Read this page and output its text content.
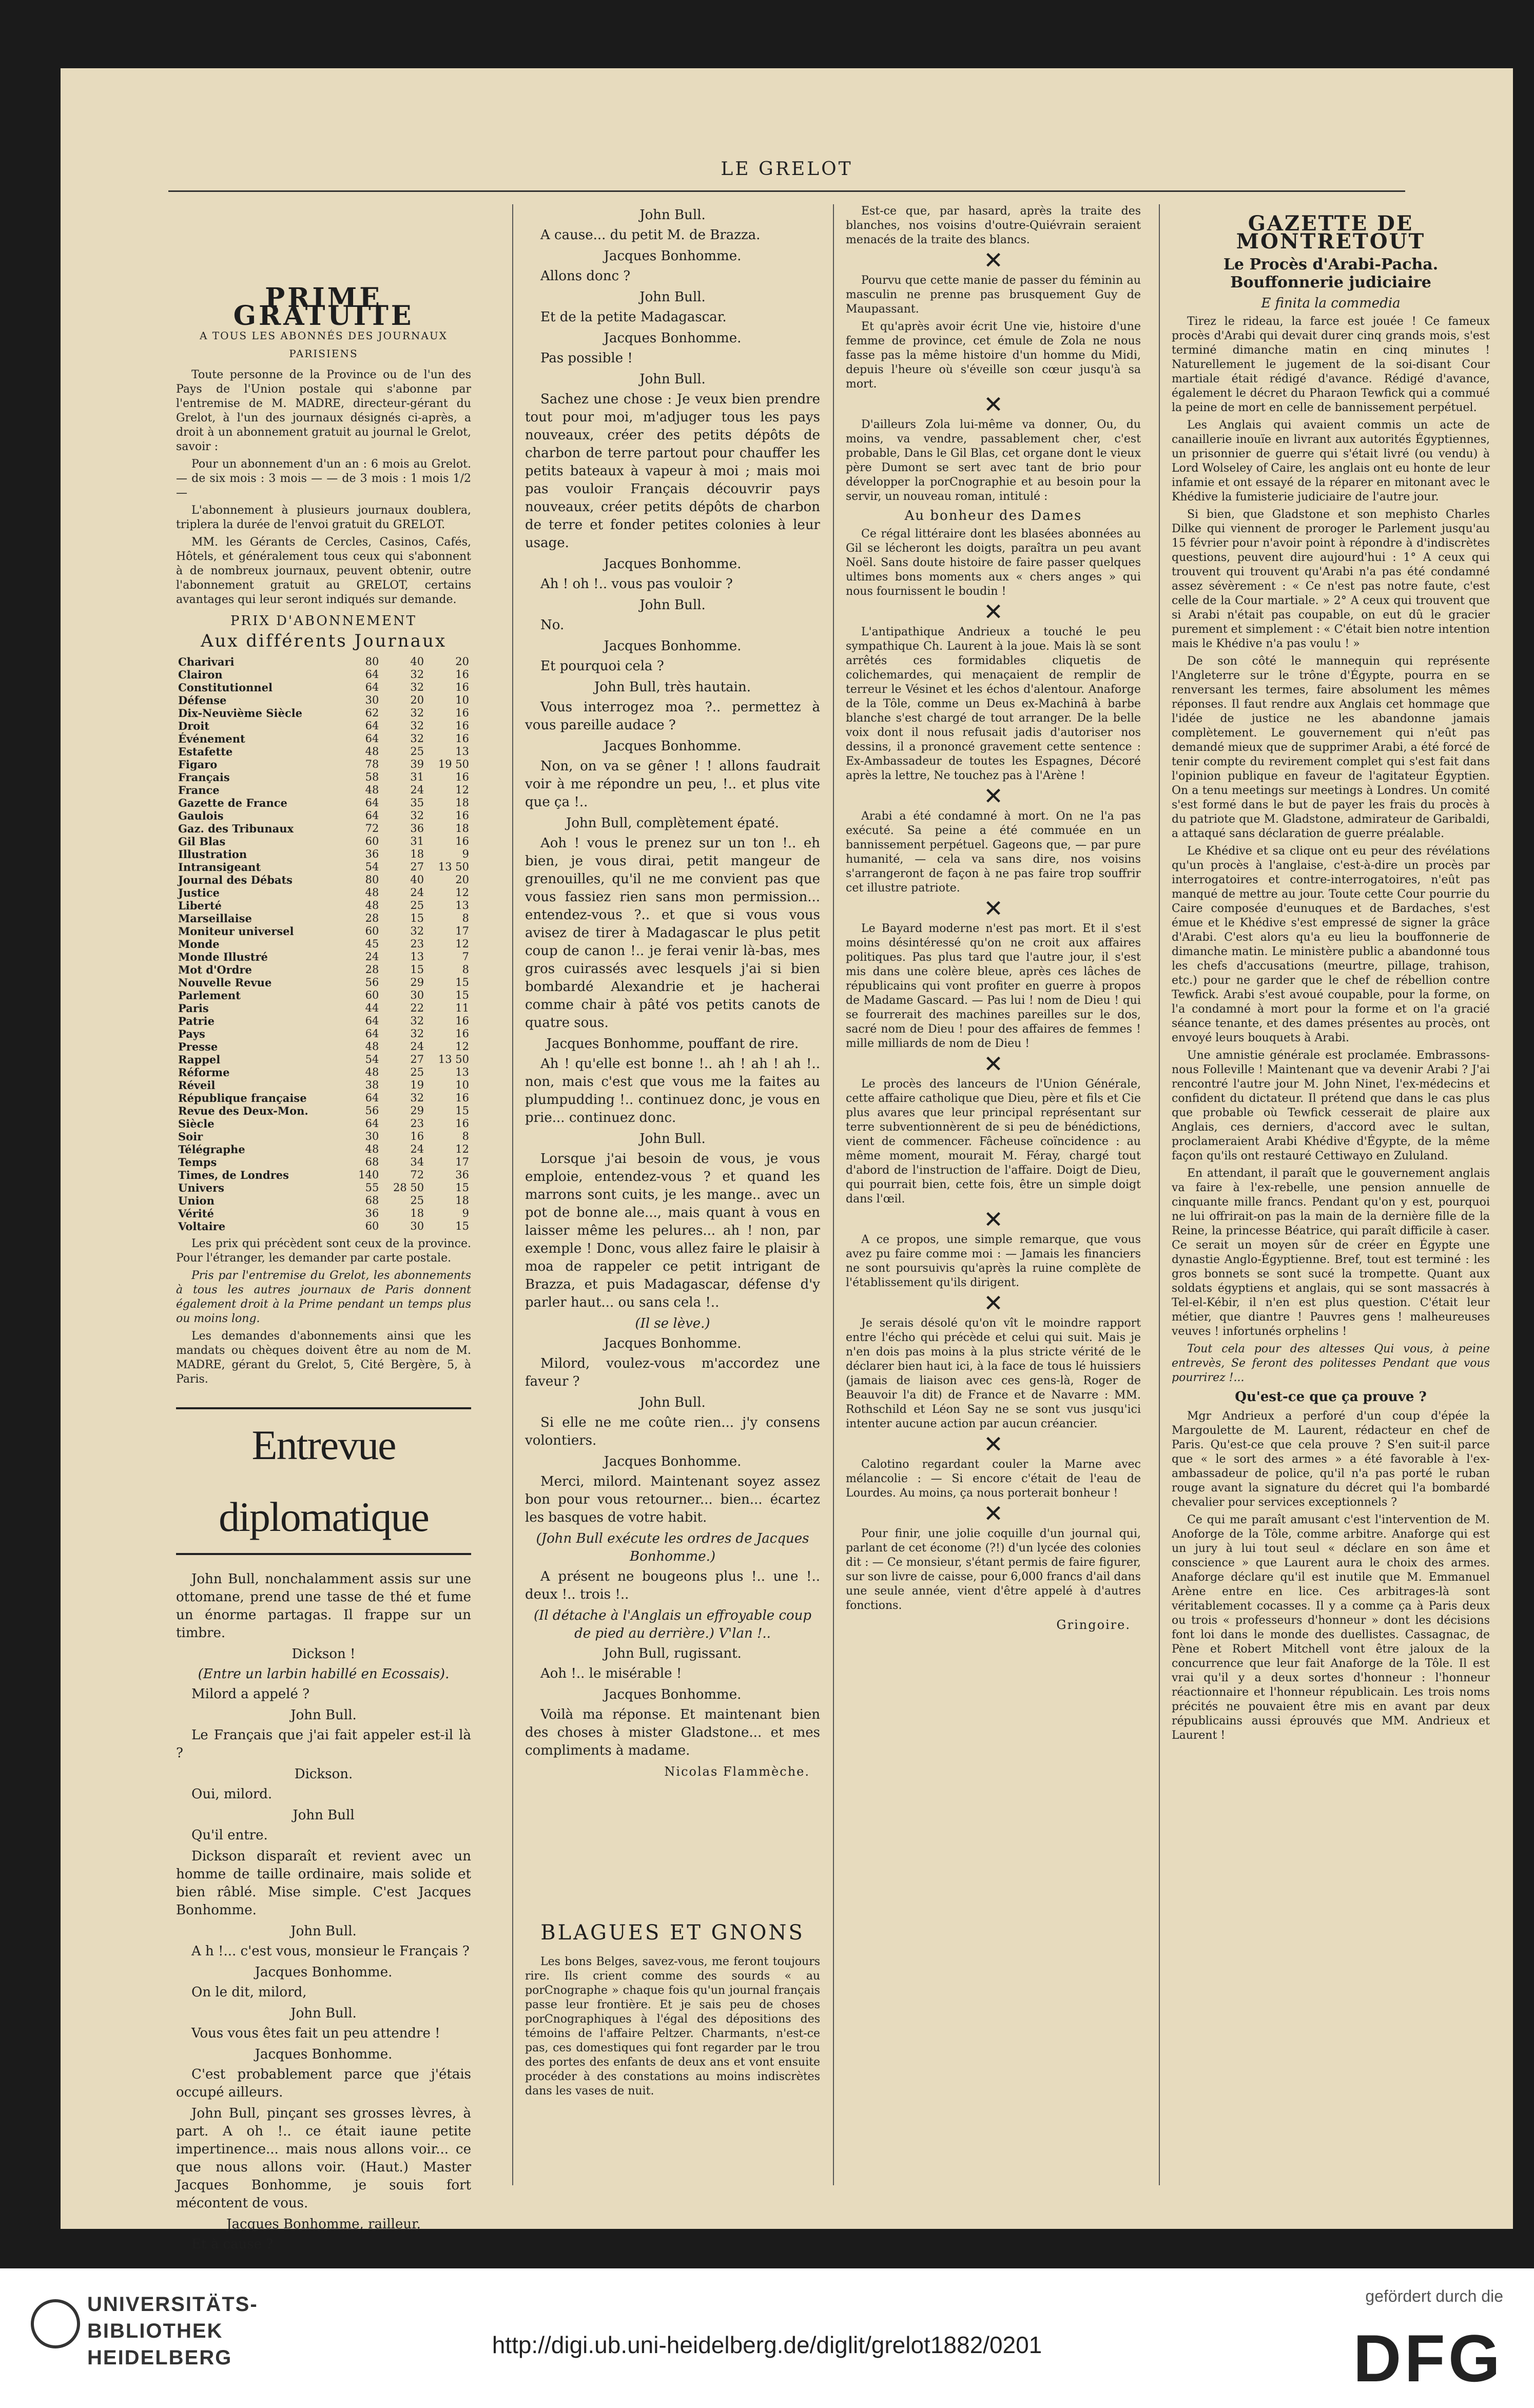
LE GRELOT
PRIME GRATUITE
A TOUS LES ABONNÉS DES JOURNAUX PARISIENS

Toute personne de la Province ou de l'un des Pays de l'Union postale qui s'abonne par l'entremise de M. MADRE, directeur-gérant du Grelot, à l'un des journaux désignés ci-après, a droit à un abonnement gratuit au journal le Grelot, savoir :

Pour un abonnement d'un an : 6 mois au Grelot. — de six mois : 3 mois — — de 3 mois : 1 mois 1/2 —

L'abonnement à plusieurs journaux doublera, triplera la durée de l'envoi gratuit du GRELOT.

MM. les Gérants de Cercles, Casinos, Cafés, Hôtels, et généralement tous ceux qui s'abonnent à de nombreux journaux, peuvent obtenir, outre l'abonnement gratuit au GRELOT, certains avantages qui leur seront indiqués sur demande.

PRIX D'ABONNEMENT
Aux différents Journaux
Charivari	80	40	20
Clairon	64	32	16
Constitutionnel	64	32	16
Défense	30	20	10
Dix-Neuvième Siècle	62	32	16
Droit	64	32	16
Événement	64	32	16
Estafette	48	25	13
Figaro	78	39	19 50
Français	58	31	16
France	48	24	12
Gazette de France	64	35	18
Gaulois	64	32	16
Gaz. des Tribunaux	72	36	18
Gil Blas	60	31	16
Illustration	36	18	9
Intransigeant	54	27	13 50
Journal des Débats	80	40	20
Justice	48	24	12
Liberté	48	25	13
Marseillaise	28	15	8
Moniteur universel	60	32	17
Monde	45	23	12
Monde Illustré	24	13	7
Mot d'Ordre	28	15	8
Nouvelle Revue	56	29	15
Parlement	60	30	15
Paris	44	22	11
Patrie	64	32	16
Pays	64	32	16
Presse	48	24	12
Rappel	54	27	13 50
Réforme	48	25	13
Réveil	38	19	10
République française	64	32	16
Revue des Deux-Mon.	56	29	15
Siècle	64	23	16
Soir	30	16	8
Télégraphe	48	24	12
Temps	68	34	17
Times, de Londres	140	72	36
Univers	55	28 50	15
Union	68	25	18
Vérité	36	18	9
Voltaire	60	30	15

Les prix qui précèdent sont ceux de la province. Pour l'étranger, les demander par carte postale.

Pris par l'entremise du Grelot, les abonnements à tous les autres journaux de Paris donnent également droit à la Prime pendant un temps plus ou moins long.

Les demandes d'abonnements ainsi que les mandats ou chèques doivent être au nom de M. MADRE, gérant du Grelot, 5, Cité Bergère, 5, à Paris.

Entrevue diplomatique

John Bull, nonchalamment assis sur une ottomane, prend une tasse de thé et fume un énorme partagas. Il frappe sur un timbre.

Dickson !

(Entre un larbin habillé en Ecossais).

Milord a appelé ?

John Bull.

Le Français que j'ai fait appeler est-il là ?

Dickson.

Oui, milord.

John Bull

Qu'il entre.

Dickson disparaît et revient avec un homme de taille ordinaire, mais solide et bien râblé. Mise simple. C'est Jacques Bonhomme.

John Bull.

A h !... c'est vous, monsieur le Français ?

Jacques Bonhomme.

On le dit, milord,

John Bull.

Vous vous êtes fait un peu attendre !

Jacques Bonhomme.

C'est probablement parce que j'étais occupé ailleurs.

John Bull, pinçant ses grosses lèvres, à part. A oh !.. ce était iaune petite impertinence... mais nous allons voir... ce que nous allons voir. (Haut.) Master Jacques Bonhomme, je souis fort mécontent de vous.

Jacques Bonhomme, railleur.

Et à cause ?

John Bull.

A cause... du petit M. de Brazza.

Jacques Bonhomme.

Allons donc ?

John Bull.

Et de la petite Madagascar.

Jacques Bonhomme.

Pas possible !

John Bull.

Sachez une chose : Je veux bien prendre tout pour moi, m'adjuger tous les pays nouveaux, créer des petits dépôts de charbon de terre partout pour chauffer les petits bateaux à vapeur à moi ; mais moi pas vouloir Français découvrir pays nouveaux, créer petits dépôts de charbon de terre et fonder petites colonies à leur usage.

Jacques Bonhomme.

Ah ! oh !.. vous pas vouloir ?

John Bull.

No.

Jacques Bonhomme.

Et pourquoi cela ?

John Bull, très hautain.

Vous interrogez moa ?.. permettez à vous pareille audace ?

Jacques Bonhomme.

Non, on va se gêner ! ! allons faudrait voir à me répondre un peu, !.. et plus vite que ça !..

John Bull, complètement épaté.

Aoh ! vous le prenez sur un ton !.. eh bien, je vous dirai, petit mangeur de grenouilles, qu'il ne me convient pas que vous fassiez rien sans mon permission... entendez-vous ?.. et que si vous vous avisez de tirer à Madagascar le plus petit coup de canon !.. je ferai venir là-bas, mes gros cuirassés avec lesquels j'ai si bien bombardé Alexandrie et je hacherai comme chair à pâté vos petits canots de quatre sous.

Jacques Bonhomme, pouffant de rire.

Ah ! qu'elle est bonne !.. ah ! ah ! ah !.. non, mais c'est que vous me la faites au plumpudding !.. continuez donc, je vous en prie... continuez donc.

John Bull.

Lorsque j'ai besoin de vous, je vous emploie, entendez-vous ? et quand les marrons sont cuits, je les mange.. avec un pot de bonne ale..., mais quant à vous en laisser même les pelures... ah ! non, par exemple ! Donc, vous allez faire le plaisir à moa de rappeler ce petit intrigant de Brazza, et puis Madagascar, défense d'y parler haut... ou sans cela !..

(Il se lève.)

Jacques Bonhomme.

Milord, voulez-vous m'accordez une faveur ?

John Bull.

Si elle ne me coûte rien... j'y consens volontiers.

Jacques Bonhomme.

Merci, milord. Maintenant soyez assez bon pour vous retourner... bien... écartez les basques de votre habit.

(John Bull exécute les ordres de Jacques Bonhomme.)

A présent ne bougeons plus !.. une !.. deux !.. trois !..

(Il détache à l'Anglais un effroyable coup de pied au derrière.) V'lan !..

John Bull, rugissant.

Aoh !.. le misérable !

Jacques Bonhomme.

Voilà ma réponse. Et maintenant bien des choses à mister Gladstone... et mes compliments à madame.

Nicolas Flammèche.

Est-ce que, par hasard, après la traite des blanches, nos voisins d'outre-Quiévrain seraient menacés de la traite des blancs.

✕

Pourvu que cette manie de passer du féminin au masculin ne prenne pas brusquement Guy de Maupassant.

Et qu'après avoir écrit Une vie, histoire d'une femme de province, cet émule de Zola ne nous fasse pas la même histoire d'un homme du Midi, depuis l'heure où s'éveille son cœur jusqu'à sa mort.

✕

D'ailleurs Zola lui-même va donner, Ou, du moins, va vendre, passablement cher, c'est probable, Dans le Gil Blas, cet organe dont le vieux père Dumont se sert avec tant de brio pour développer la porCnographie et au besoin pour la servir, un nouveau roman, intitulé :

Au bonheur des Dames

Ce régal littéraire dont les blasées abonnées au Gil se lécheront les doigts, paraîtra un peu avant Noël. Sans doute histoire de faire passer quelques ultimes bons moments aux « chers anges » qui nous fournissent le boudin !

✕

L'antipathique Andrieux a touché le peu sympathique Ch. Laurent à la joue. Mais là se sont arrêtés ces formidables cliquetis de colichemardes, qui menaçaient de remplir de terreur le Vésinet et les échos d'alentour. Anaforge de la Tôle, comme un Deus ex-Machinâ à barbe blanche s'est chargé de tout arranger. De la belle voix dont il nous refusait jadis d'autoriser nos dessins, il a prononcé gravement cette sentence : Ex-Ambassadeur de toutes les Espagnes, Décoré après la lettre, Ne touchez pas à l'Arène !

✕

Arabi a été condamné à mort. On ne l'a pas exécuté. Sa peine a été commuée en un bannissement perpétuel. Gageons que, — par pure humanité, — cela va sans dire, nos voisins s'arrangeront de façon à ne pas faire trop souffrir cet illustre patriote.

✕

Le Bayard moderne n'est pas mort. Et il s'est moins désintéressé qu'on ne croit aux affaires politiques. Pas plus tard que l'autre jour, il s'est mis dans une colère bleue, après ces lâches de républicains qui vont profiter en guerre à propos de Madame Gascard. — Pas lui ! nom de Dieu ! qui se fourrerait des machines pareilles sur le dos, sacré nom de Dieu ! pour des affaires de femmes ! mille milliards de nom de Dieu !

✕

Le procès des lanceurs de l'Union Générale, cette affaire catholique que Dieu, père et fils et Cie plus avares que leur principal représentant sur terre subventionnèrent de si peu de bénédictions, vient de commencer. Fâcheuse coïncidence : au même moment, mourait M. Féray, chargé tout d'abord de l'instruction de l'affaire. Doigt de Dieu, qui pourrait bien, cette fois, être un simple doigt dans l'œil.

✕

A ce propos, une simple remarque, que vous avez pu faire comme moi : — Jamais les financiers ne sont poursuivis qu'après la ruine complète de l'établissement qu'ils dirigent.

✕

Je serais désolé qu'on vît le moindre rapport entre l'écho qui précède et celui qui suit. Mais je n'en dois pas moins à la plus stricte vérité de le déclarer bien haut ici, à la face de tous lé huissiers (jamais de liaison avec ces gens-là, Roger de Beauvoir l'a dit) de France et de Navarre : MM. Rothschild et Léon Say ne se sont vus jusqu'ici intenter aucune action par aucun créancier.

✕

Calotino regardant couler la Marne avec mélancolie : — Si encore c'était de l'eau de Lourdes. Au moins, ça nous porterait bonheur !

✕

Pour finir, une jolie coquille d'un journal qui, parlant de cet économe (?!) d'un lycée des colonies dit : — Ce monsieur, s'étant permis de faire figurer, sur son livre de caisse, pour 6,000 francs d'ail dans une seule année, vient d'être appelé à d'autres fonctions.

Gringoire.
BLAGUES ET GNONS

Les bons Belges, savez-vous, me feront toujours rire. Ils crient comme des sourds « au porCnographe » chaque fois qu'un journal français passe leur frontière. Et je sais peu de choses porCnographiques à l'égal des dépositions des témoins de l'affaire Peltzer. Charmants, n'est-ce pas, ces domestiques qui font regarder par le trou des portes des enfants de deux ans et vont ensuite procéder à des constations au moins indiscrètes dans les vases de nuit.

GAZETTE DE MONTRETOUT
Le Procès d'Arabi-Pacha. Bouffonnerie judiciaire

E finita la commedia

Tirez le rideau, la farce est jouée ! Ce fameux procès d'Arabi qui devait durer cinq grands mois, s'est terminé dimanche matin en cinq minutes ! Naturellement le jugement de la soi-disant Cour martiale était rédigé d'avance. Rédigé d'avance, également le décret du Pharaon Tewfick qui a commué la peine de mort en celle de bannissement perpétuel.

Les Anglais qui avaient commis un acte de canaillerie inouïe en livrant aux autorités Égyptiennes, un prisonnier de guerre qui s'était livré (ou vendu) à Lord Wolseley of Caire, les anglais ont eu honte de leur infamie et ont essayé de la réparer en mitonant avec le Khédive la fumisterie judiciaire de l'autre jour.

Si bien, que Gladstone et son mephisto Charles Dilke qui viennent de proroger le Parlement jusqu'au 15 février pour n'avoir point à répondre à d'indiscrètes questions, peuvent dire aujourd'hui : 1° A ceux qui trouvent qui trouvent qu'Arabi n'a pas été condamné assez sévèrement : « Ce n'est pas notre faute, c'est celle de la Cour martiale. » 2° A ceux qui trouvent que si Arabi n'était pas coupable, on eut dû le gracier purement et simplement : « C'était bien notre intention mais le Khédive n'a pas voulu ! »

De son côté le mannequin qui représente l'Angleterre sur le trône d'Égypte, pourra en se renversant les termes, faire absolument les mêmes réponses. Il faut rendre aux Anglais cet hommage que l'idée de justice ne les abandonne jamais complètement. Le gouvernement qui n'eût pas demandé mieux que de supprimer Arabi, a été forcé de tenir compte du revirement complet qui s'est fait dans l'opinion publique en faveur de l'agitateur Égyptien. On a tenu meetings sur meetings à Londres. Un comité s'est formé dans le but de payer les frais du procès à du patriote que M. Gladstone, admirateur de Garibaldi, a attaqué sans déclaration de guerre préalable.

Le Khédive et sa clique ont eu peur des révélations qu'un procès à l'anglaise, c'est-à-dire un procès par interrogatoires et contre-interrogatoires, n'eût pas manqué de mettre au jour. Toute cette Cour pourrie du Caire composée d'eunuques et de Bardaches, s'est émue et le Khédive s'est empressé de signer la grâce d'Arabi. C'est alors qu'a eu lieu la bouffonnerie de dimanche matin. Le ministère public a abandonné tous les chefs d'accusations (meurtre, pillage, trahison, etc.) pour ne garder que le chef de rébellion contre Tewfick. Arabi s'est avoué coupable, pour la forme, on l'a condamné à mort pour la forme et on l'a gracié séance tenante, et des dames présentes au procès, ont envoyé leurs bouquets à Arabi.

Une amnistie générale est proclamée. Embrassons-nous Folleville ! Maintenant que va devenir Arabi ? J'ai rencontré l'autre jour M. John Ninet, l'ex-médecins et confident du dictateur. Il prétend que dans le cas plus que probable où Tewfick cesserait de plaire aux Anglais, ces derniers, d'accord avec le sultan, proclameraient Arabi Khédive d'Égypte, de la même façon qu'ils ont restauré Cettiwayo en Zululand.

En attendant, il paraît que le gouvernement anglais va faire à l'ex-rebelle, une pension annuelle de cinquante mille francs. Pendant qu'on y est, pourquoi ne lui offrirait-on pas la main de la dernière fille de la Reine, la princesse Béatrice, qui paraît difficile à caser. Ce serait un moyen sûr de créer en Égypte une dynastie Anglo-Égyptienne. Bref, tout est terminé : les gros bonnets se sont sucé la trompette. Quant aux soldats égyptiens et anglais, qui se sont massacrés à Tel-el-Kébir, il n'en est plus question. C'était leur métier, que diantre ! Pauvres gens ! malheureuses veuves ! infortunés orphelins !

Tout cela pour des altesses Qui vous, à peine entrevès, Se feront des politesses Pendant que vous pourrirez !...

Qu'est-ce que ça prouve ?

Mgr Andrieux a perforé d'un coup d'épée la Margoulette de M. Laurent, rédacteur en chef de Paris. Qu'est-ce que cela prouve ? S'en suit-il parce que « le sort des armes » a été favorable à l'ex-ambassadeur de police, qu'il n'a pas porté le ruban rouge avant la signature du décret qui l'a bombardé chevalier pour services exceptionnels ?

Ce qui me paraît amusant c'est l'intervention de M. Anoforge de la Tôle, comme arbitre. Anaforge qui est un jury à lui tout seul « déclare en son âme et conscience » que Laurent aura le choix des armes. Anaforge déclare qu'il est inutile que M. Emmanuel Arène entre en lice. Ces arbitrages-là sont véritablement cocasses. Il y a comme ça à Paris deux ou trois « professeurs d'honneur » dont les décisions font loi dans le monde des duellistes. Cassagnac, de Pène et Robert Mitchell vont être jaloux de la concurrence que leur fait Anaforge de la Tôle. Il est vrai qu'il y a deux sortes d'honneur : l'honneur réactionnaire et l'honneur républicain. Les trois noms précités ne pouvaient être mis en avant par deux républicains aussi éprouvés que MM. Andrieux et Laurent !

UNIVERSITÄTS-
BIBLIOTHEK
HEIDELBERG	http://digi.ub.uni-heidelberg.de/diglit/grelot1882/0201
gefördert durch die
DFG
